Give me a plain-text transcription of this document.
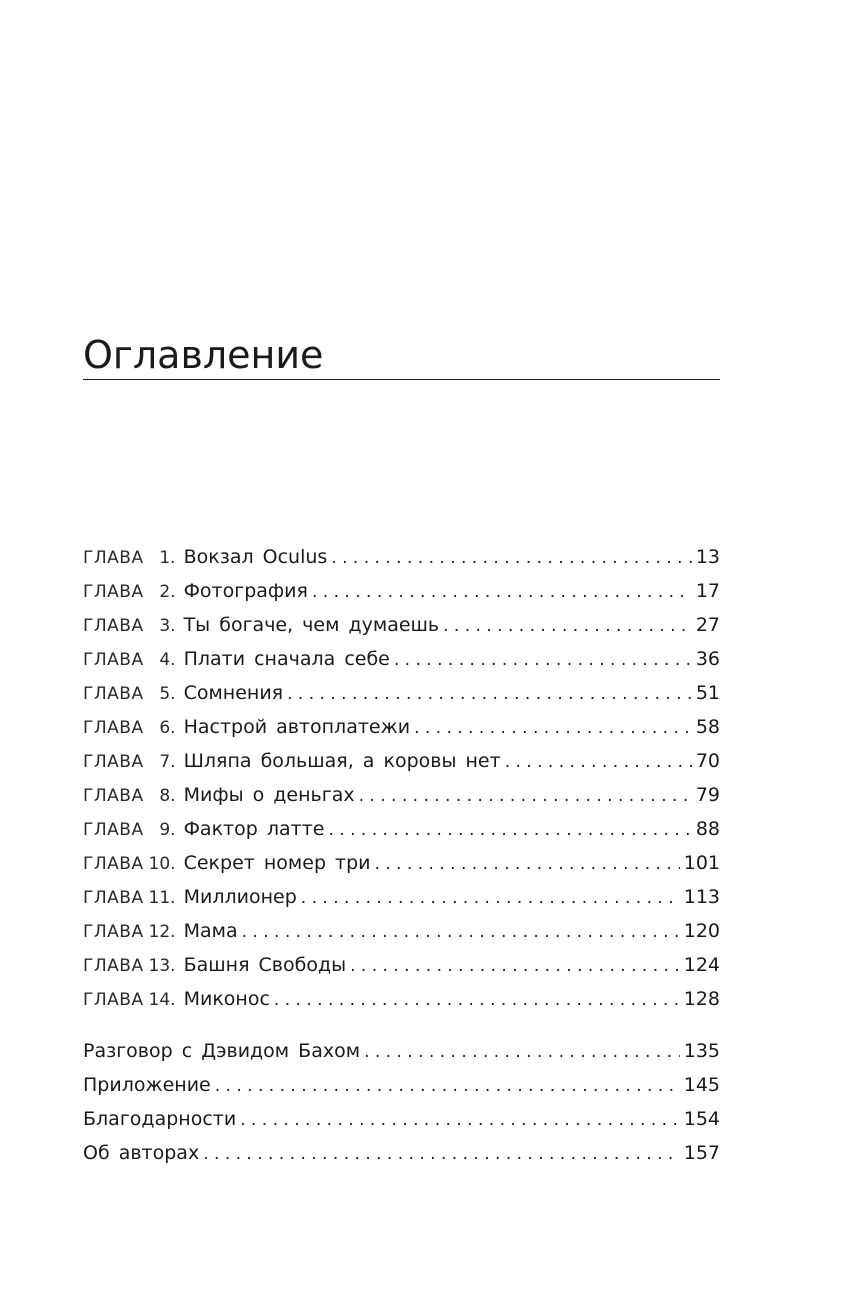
Оглавление
ГЛАВА 1. Вокзал Oculus . . .	13
ГЛАВА 2. Фотография . . .	17
ГЛАВА 3. Ты богаче, чем думаешь . . .	27
ГЛАВА 4. Плати сначала себе . . .	36
ГЛАВА 5. Сомнения . . .	51
ГЛАВА 6. Настрой автоплатежи . . .	58
ГЛАВА 7. Шляпа большая, а коровы нет . . .	70
ГЛАВА 8. Мифы о деньгах . . .	79
ГЛАВА 9. Фактор латте . . .	88
ГЛАВА 10. Секрет номер три . . .	101
ГЛАВА 11. Миллионер . . .	113
ГЛАВА 12. Мама . . .	120
ГЛАВА 13. Башня Свободы . . .	124
ГЛАВА 14. Миконос . . .	128
Разговор с Дэвидом Бахом . . .	135
Приложение . . .	145
Благодарности . . .	154
Об авторах . . .	157
